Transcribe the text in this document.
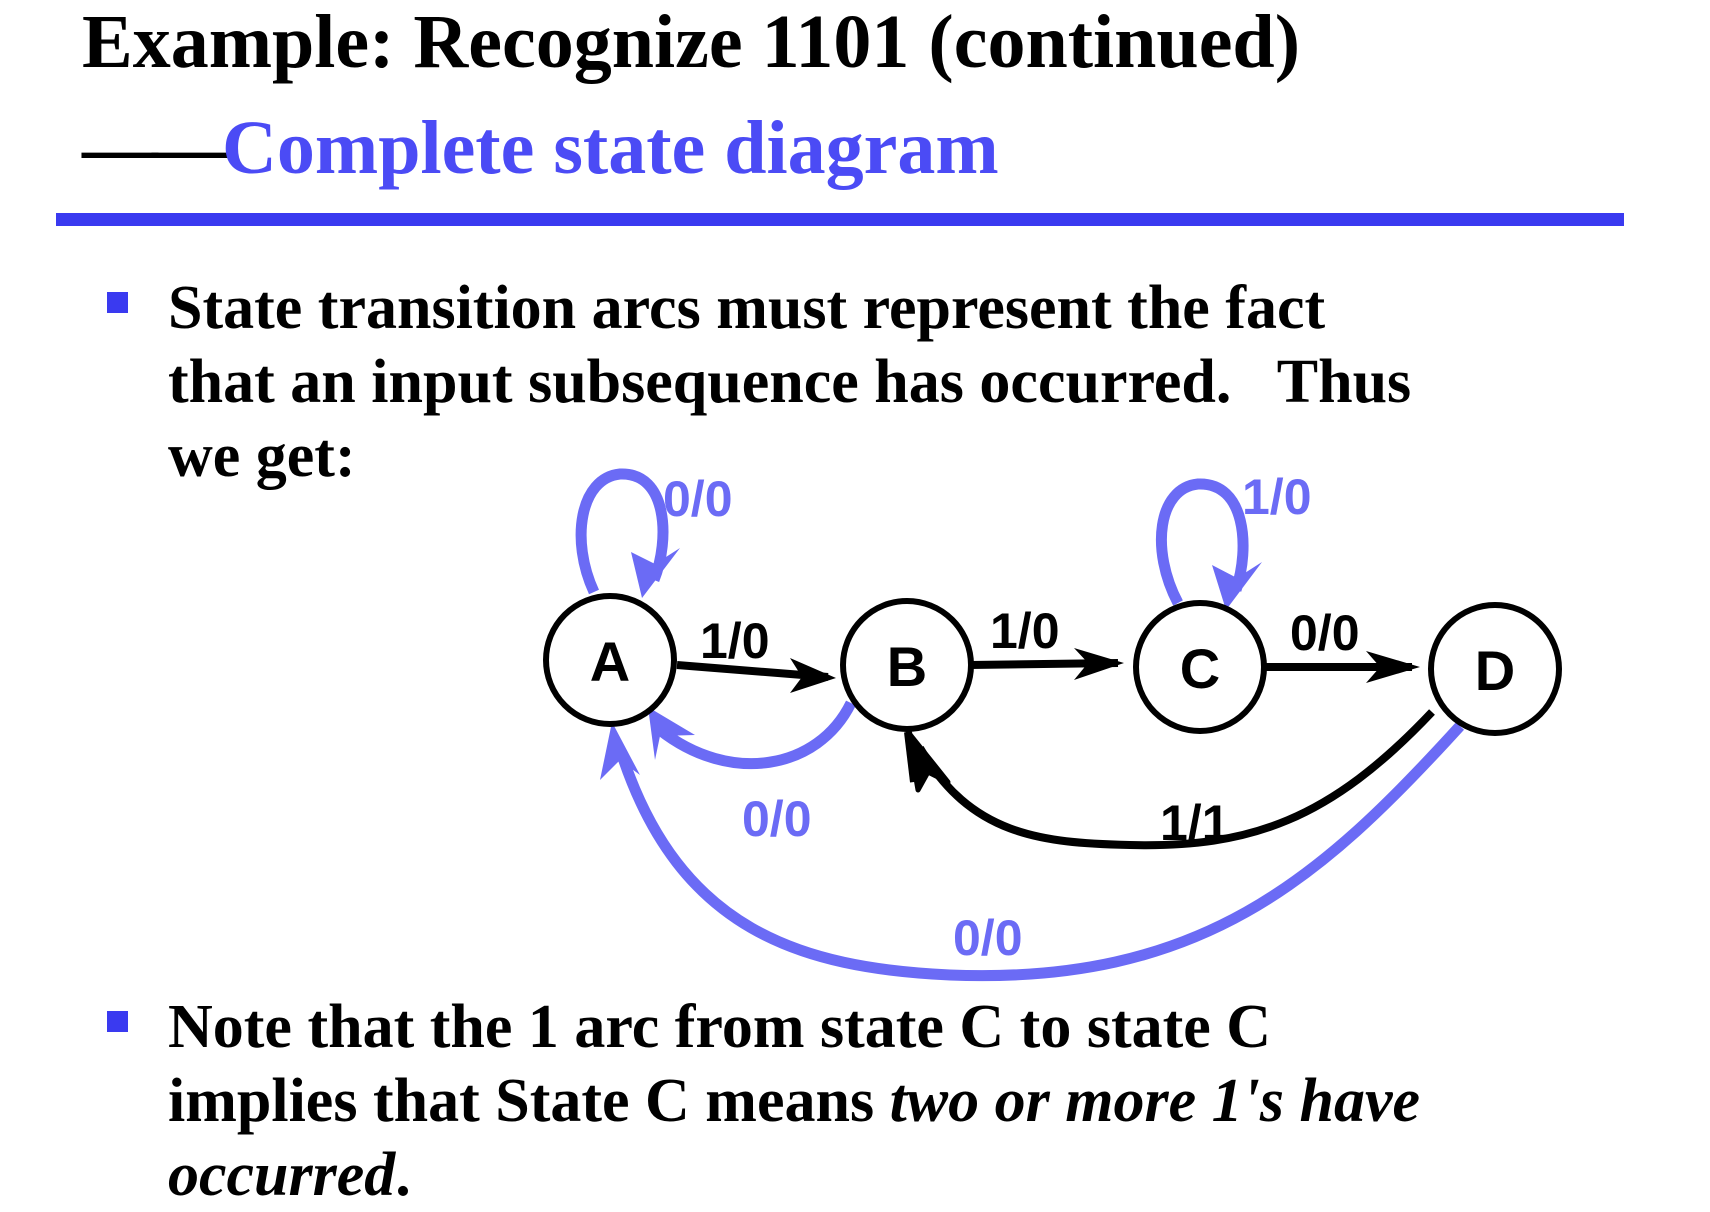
Example: Recognize 1101 (continued)
——Complete state diagram

State transition arcs must represent the fact
that an input subsequence has occurred.   Thus
we get:

A	B	C	D
0/0
1/0	1/0
1/0
0/0
0/0	1/1
0/0

Note that the 1 arc from state C to state C
implies that State C means two or more 1's have
occurred.
